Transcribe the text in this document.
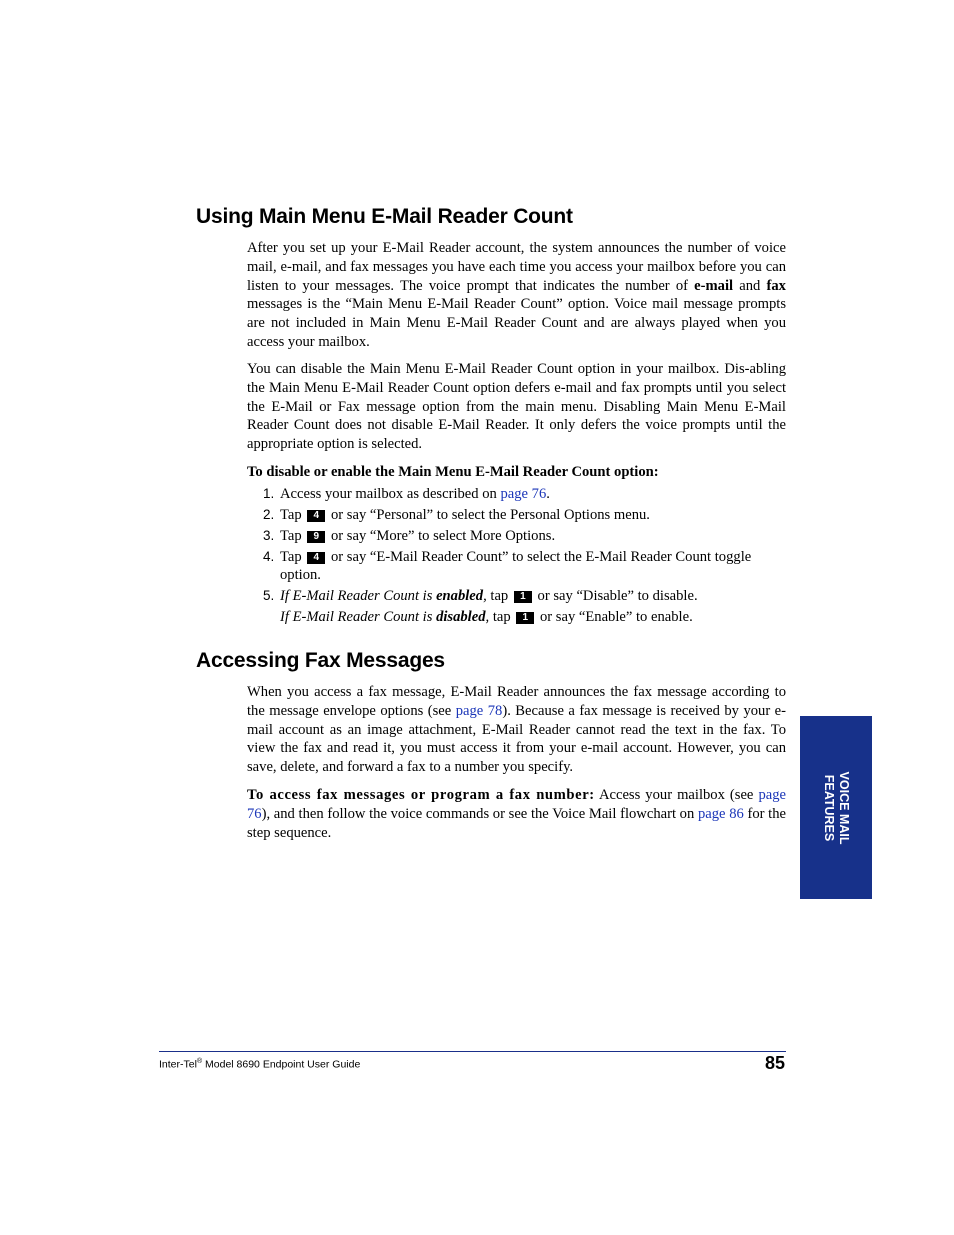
Using Main Menu E-Mail Reader Count

After you set up your E-Mail Reader account, the system announces the number of voice mail, e-mail, and fax messages you have each time you access your mailbox before you can listen to your messages. The voice prompt that indicates the number of e-mail and fax messages is the “Main Menu E-Mail Reader Count” option. Voice mail message prompts are not included in Main Menu E-Mail Reader Count and are always played when you access your mailbox.

You can disable the Main Menu E-Mail Reader Count option in your mailbox. Dis-abling the Main Menu E-Mail Reader Count option defers e-mail and fax prompts until you select the E-Mail or Fax message option from the main menu. Disabling Main Menu E-Mail Reader Count does not disable E-Mail Reader. It only defers the voice prompts until the appropriate option is selected.

To disable or enable the Main Menu E-Mail Reader Count option:

1. Access your mailbox as described on page 76.
2. Tap 4 or say “Personal” to select the Personal Options menu.
3. Tap 9 or say “More” to select More Options.
4. Tap 4 or say “E-Mail Reader Count” to select the E-Mail Reader Count toggle option.
5. If E-Mail Reader Count is enabled, tap 1 or say “Disable” to disable.
If E-Mail Reader Count is disabled, tap 1 or say “Enable” to enable.
Accessing Fax Messages

When you access a fax message, E-Mail Reader announces the fax message according to the message envelope options (see page 78). Because a fax message is received by your e-mail account as an image attachment, E-Mail Reader cannot read the text in the fax. To view the fax and read it, you must access it from your e-mail account. However, you can save, delete, and forward a fax to a number you specify.

To access fax messages or program a fax number: Access your mailbox (see page 76), and then follow the voice commands or see the Voice Mail flowchart on page 86 for the step sequence.	VOICE MAIL
FEATURES
Inter-Tel® Model 8690 Endpoint User Guide	85
